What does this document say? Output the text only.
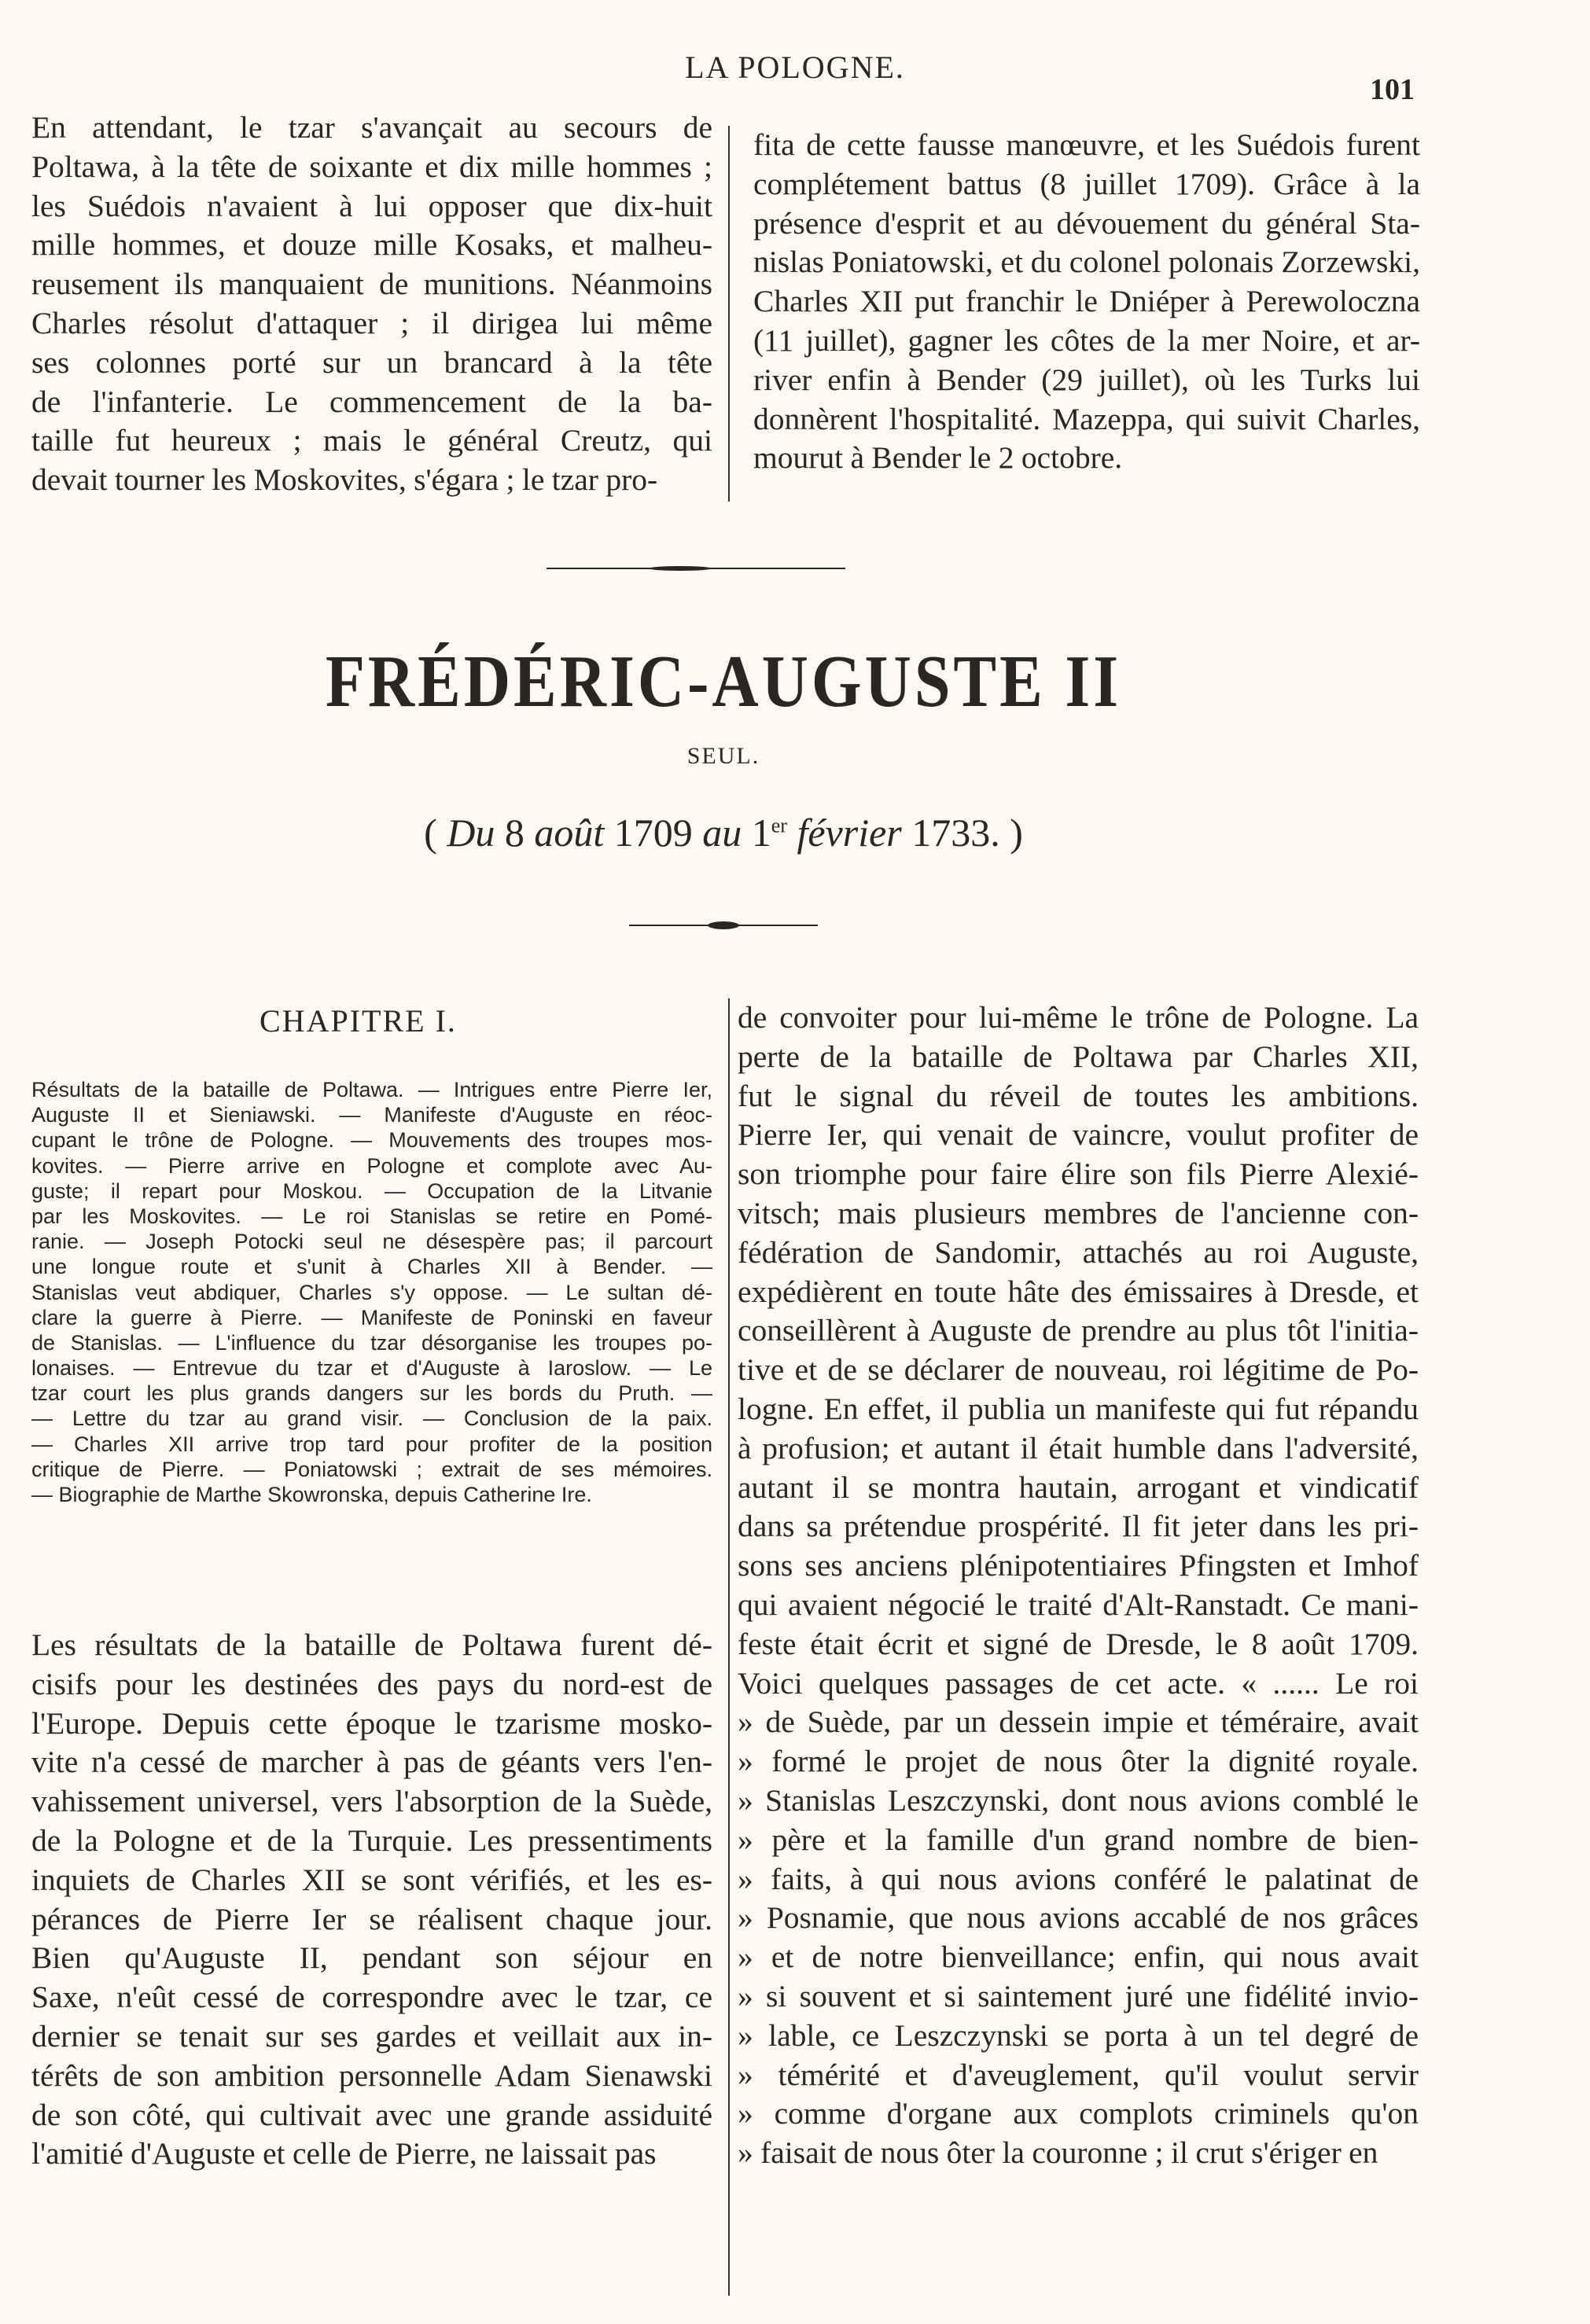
LA POLOGNE.
101
En attendant, le tzar s'avançait au secours de
Poltawa, à la tête de soixante et dix mille hommes ;
les Suédois n'avaient à lui opposer que dix-huit
mille hommes, et douze mille Kosaks, et malheu-
reusement ils manquaient de munitions. Néanmoins
Charles résolut d'attaquer ; il dirigea lui même
ses colonnes porté sur un brancard à la tête
de l'infanterie. Le commencement de la ba-
taille fut heureux ; mais le général Creutz, qui
devait tourner les Moskovites, s'égara ; le tzar pro-
fita de cette fausse manœuvre, et les Suédois furent
complétement battus (8 juillet 1709). Grâce à la
présence d'esprit et au dévouement du général Sta-
nislas Poniatowski, et du colonel polonais Zorzewski,
Charles XII put franchir le Dniéper à Perewoloczna
(11 juillet), gagner les côtes de la mer Noire, et ar-
river enfin à Bender (29 juillet), où les Turks lui
donnèrent l'hospitalité. Mazeppa, qui suivit Charles,
mourut à Bender le 2 octobre.
FRÉDÉRIC-AUGUSTE II
SEUL.
( Du 8 août 1709 au 1er février 1733. )
CHAPITRE I.
Résultats de la bataille de Poltawa. — Intrigues entre Pierre Ier,
Auguste II et Sieniawski. — Manifeste d'Auguste en réoc-
cupant le trône de Pologne. — Mouvements des troupes mos-
kovites. — Pierre arrive en Pologne et complote avec Au-
guste; il repart pour Moskou. — Occupation de la Litvanie
par les Moskovites. — Le roi Stanislas se retire en Pomé-
ranie. — Joseph Potocki seul ne désespère pas; il parcourt
une longue route et s'unit à Charles XII à Bender. —
Stanislas veut abdiquer, Charles s'y oppose. — Le sultan dé-
clare la guerre à Pierre. — Manifeste de Poninski en faveur
de Stanislas. — L'influence du tzar désorganise les troupes po-
lonaises. — Entrevue du tzar et d'Auguste à Iaroslow. — Le
tzar court les plus grands dangers sur les bords du Pruth. —
— Lettre du tzar au grand visir. — Conclusion de la paix.
— Charles XII arrive trop tard pour profiter de la position
critique de Pierre. — Poniatowski ; extrait de ses mémoires.
— Biographie de Marthe Skowronska, depuis Catherine Ire.
Les résultats de la bataille de Poltawa furent dé-
cisifs pour les destinées des pays du nord-est de
l'Europe. Depuis cette époque le tzarisme mosko-
vite n'a cessé de marcher à pas de géants vers l'en-
vahissement universel, vers l'absorption de la Suède,
de la Pologne et de la Turquie. Les pressentiments
inquiets de Charles XII se sont vérifiés, et les es-
pérances de Pierre Ier se réalisent chaque jour.
Bien qu'Auguste II, pendant son séjour en
Saxe, n'eût cessé de correspondre avec le tzar, ce
dernier se tenait sur ses gardes et veillait aux in-
térêts de son ambition personnelle Adam Sienawski
de son côté, qui cultivait avec une grande assiduité
l'amitié d'Auguste et celle de Pierre, ne laissait pas
de convoiter pour lui-même le trône de Pologne. La
perte de la bataille de Poltawa par Charles XII,
fut le signal du réveil de toutes les ambitions.
Pierre Ier, qui venait de vaincre, voulut profiter de
son triomphe pour faire élire son fils Pierre Alexié-
vitsch; mais plusieurs membres de l'ancienne con-
fédération de Sandomir, attachés au roi Auguste,
expédièrent en toute hâte des émissaires à Dresde, et
conseillèrent à Auguste de prendre au plus tôt l'initia-
tive et de se déclarer de nouveau, roi légitime de Po-
logne. En effet, il publia un manifeste qui fut répandu
à profusion; et autant il était humble dans l'adversité,
autant il se montra hautain, arrogant et vindicatif
dans sa prétendue prospérité. Il fit jeter dans les pri-
sons ses anciens plénipotentiaires Pfingsten et Imhof
qui avaient négocié le traité d'Alt-Ranstadt. Ce mani-
feste était écrit et signé de Dresde, le 8 août 1709.
Voici quelques passages de cet acte. « ...... Le roi
» de Suède, par un dessein impie et téméraire, avait
» formé le projet de nous ôter la dignité royale.
» Stanislas Leszczynski, dont nous avions comblé le
» père et la famille d'un grand nombre de bien-
» faits, à qui nous avions conféré le palatinat de
» Posnamie, que nous avions accablé de nos grâces
» et de notre bienveillance; enfin, qui nous avait
» si souvent et si saintement juré une fidélité invio-
» lable, ce Leszczynski se porta à un tel degré de
» témérité et d'aveuglement, qu'il voulut servir
» comme d'organe aux complots criminels qu'on
» faisait de nous ôter la couronne ; il crut s'ériger en
